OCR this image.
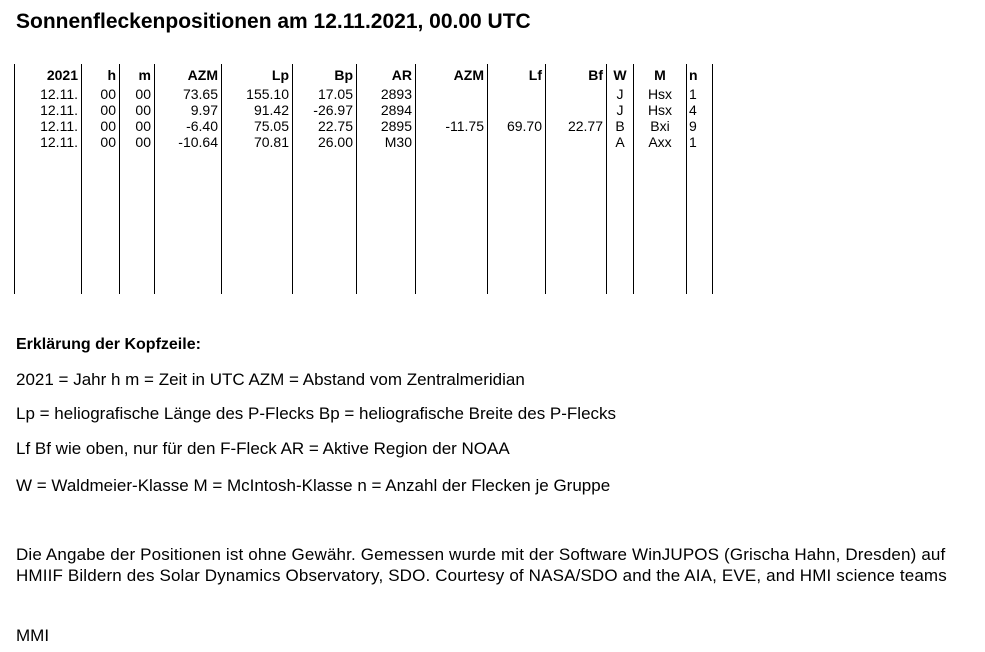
Sonnenfleckenpositionen am 12.11.2021, 00.00 UTC
2021
12.11.
12.11.
12.11.
12.11.
h
00
00
00
00
m
00
00
00
00
AZM
73.65
9.97
-6.40
-10.64
Lp
155.10
91.42
75.05
70.81
Bp
17.05
-26.97
22.75
26.00
AR
2893
2894
2895
M30
AZM
-11.75
Lf
69.70
Bf
22.77
W
J
J
B
A
M
Hsx
Hsx
Bxi
Axx
n
1
4
9
1
Erklärung der Kopfzeile:
2021 = Jahr h m = Zeit in UTC AZM = Abstand vom Zentralmeridian
Lp = heliografische Länge des P-Flecks Bp = heliografische Breite des P-Flecks
Lf Bf wie oben, nur für den F-Fleck AR = Aktive Region der NOAA
W = Waldmeier-Klasse M = McIntosh-Klasse n = Anzahl der Flecken je Gruppe
Die Angabe der Positionen ist ohne Gewähr. Gemessen wurde mit der Software WinJUPOS (Grischa Hahn, Dresden) auf HMIIF Bildern des Solar Dynamics Observatory, SDO. Courtesy of NASA/SDO and the AIA, EVE, and HMI science teams
MMI
